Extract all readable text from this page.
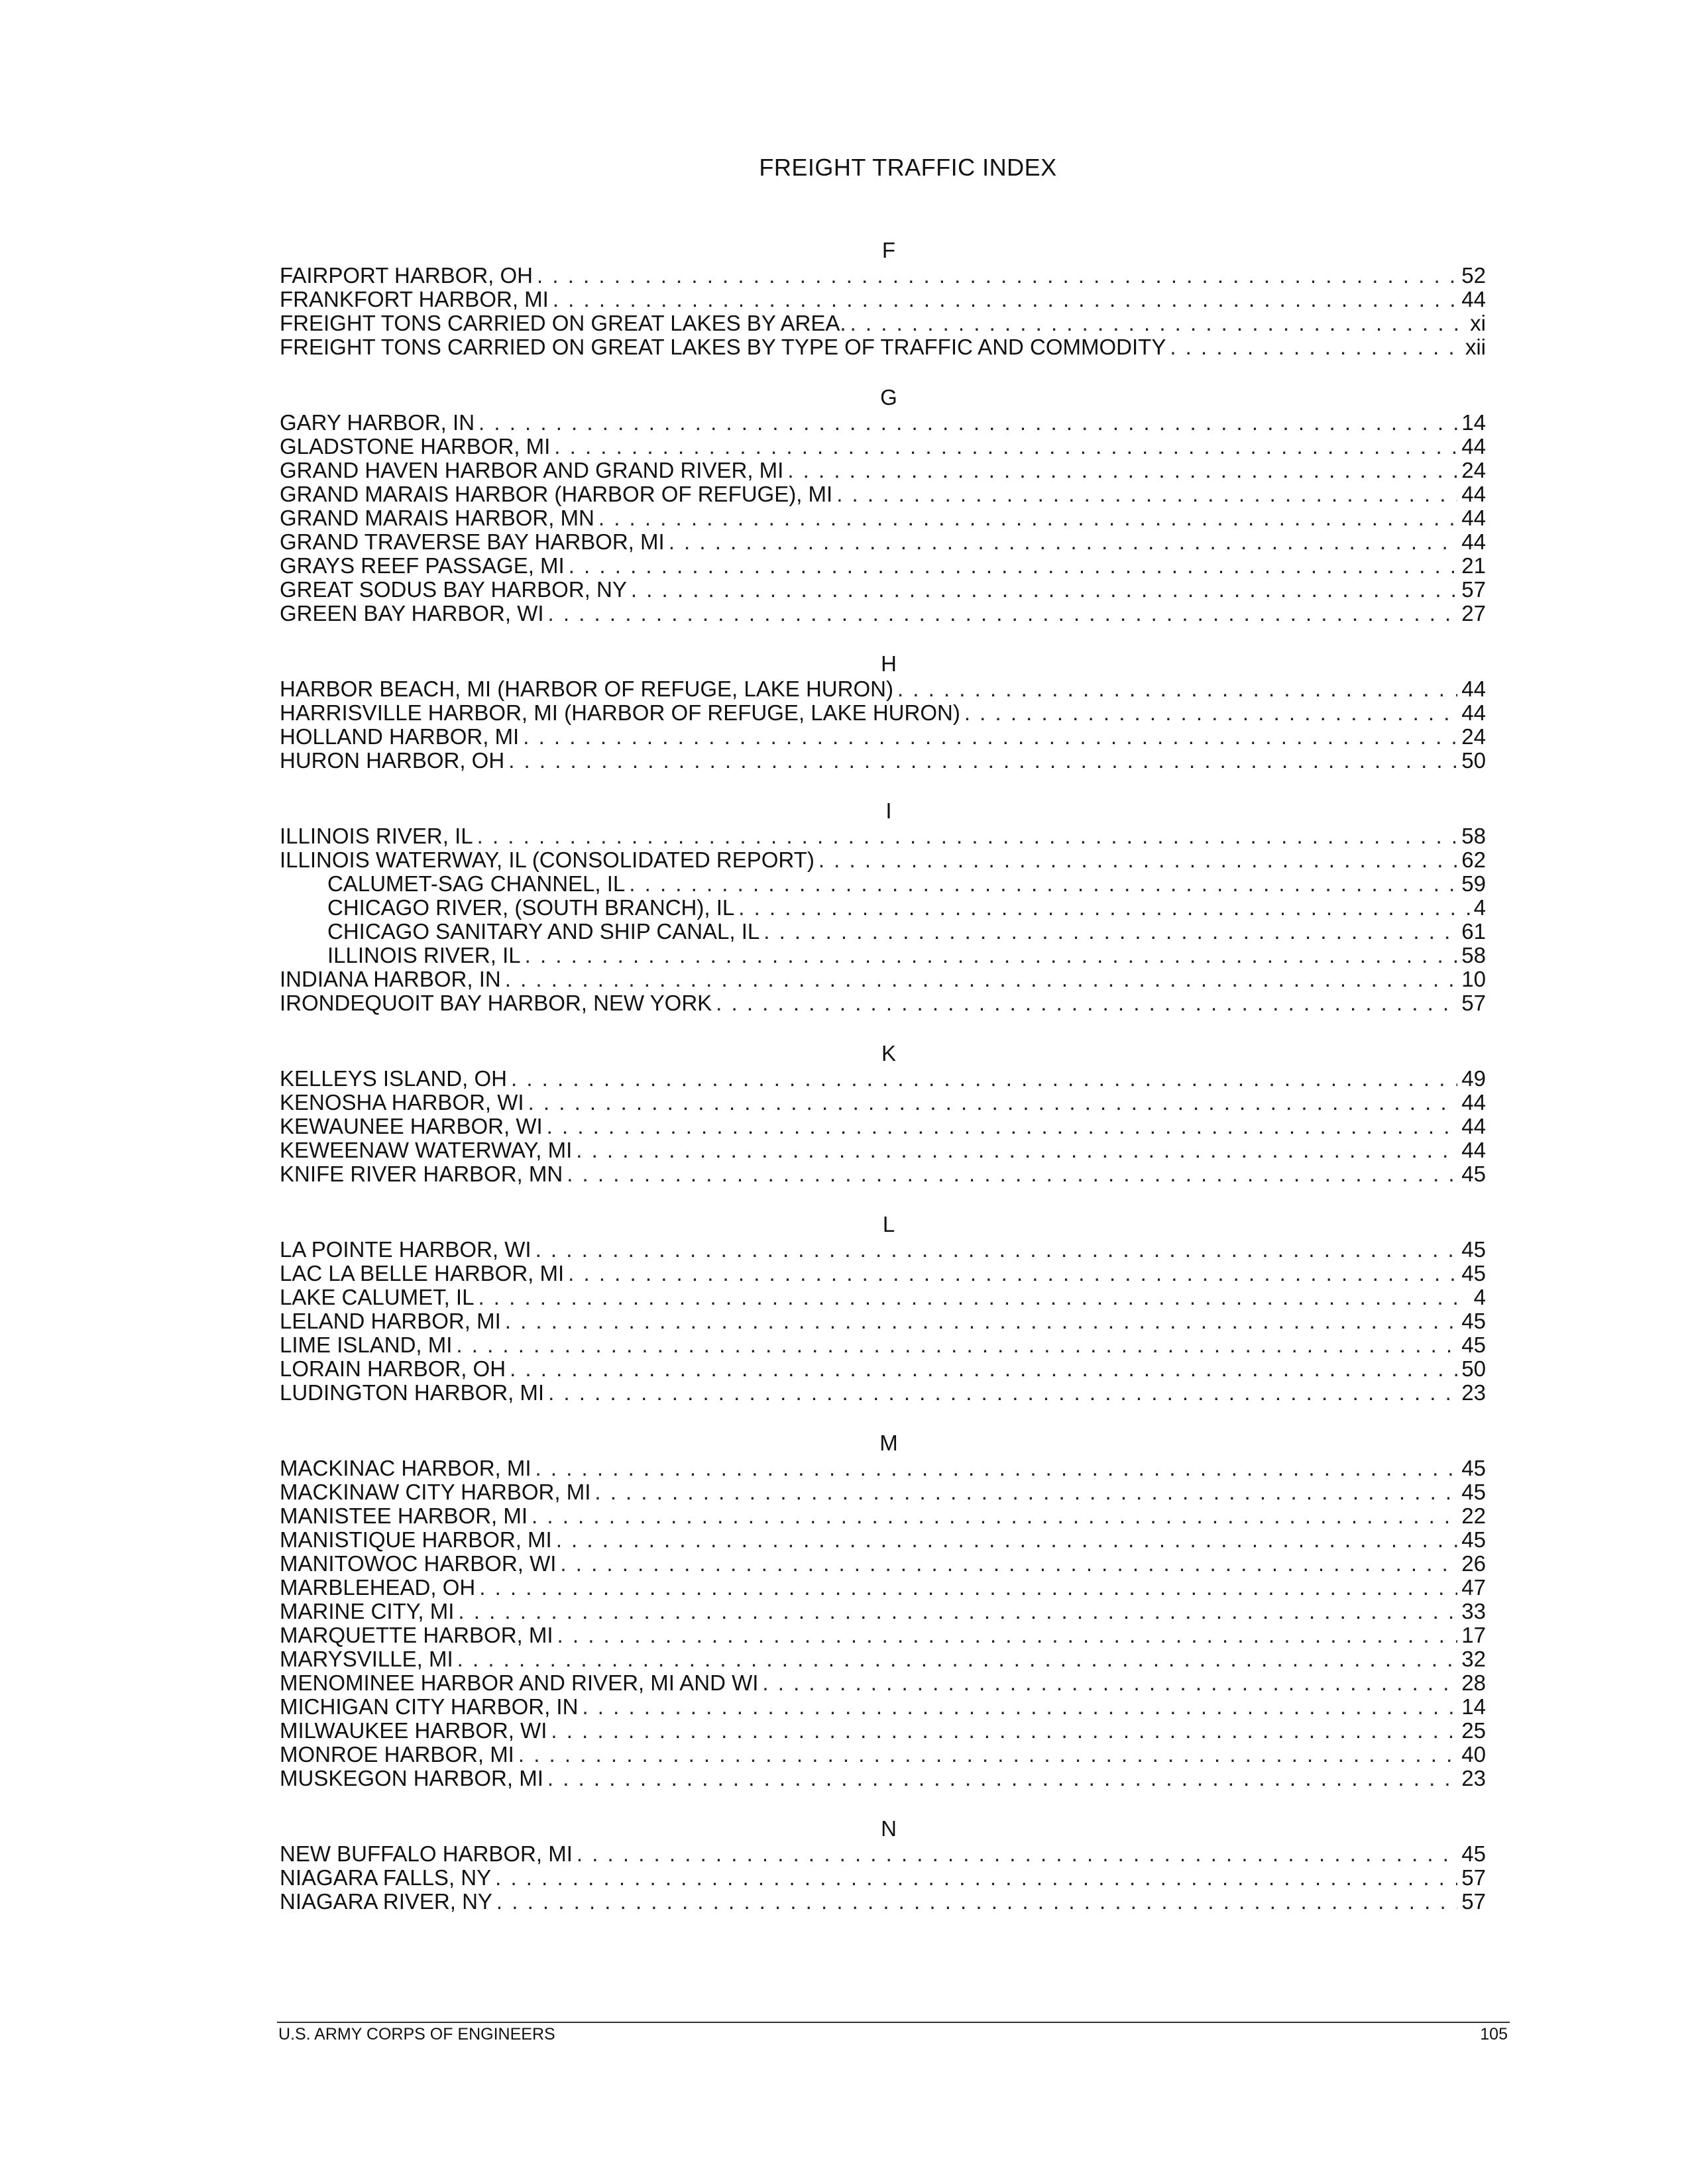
FREIGHT TRAFFIC INDEX
F
FAIRPORT HARBOR, OH . . .	52
FRANKFORT HARBOR, MI . . .	44
FREIGHT TONS CARRIED ON GREAT LAKES BY AREA. . . .	xi
FREIGHT TONS CARRIED ON GREAT LAKES BY TYPE OF TRAFFIC AND COMMODITY . . .	xii
G
GARY HARBOR, IN . . .	14
GLADSTONE HARBOR, MI . . .	44
GRAND HAVEN HARBOR AND GRAND RIVER, MI . . .	24
GRAND MARAIS HARBOR (HARBOR OF REFUGE), MI . . .	44
GRAND MARAIS HARBOR, MN . . .	44
GRAND TRAVERSE BAY HARBOR, MI . . .	44
GRAYS REEF PASSAGE, MI . . .	21
GREAT SODUS BAY HARBOR, NY . . .	57
GREEN BAY HARBOR, WI . . .	27
H
HARBOR BEACH, MI (HARBOR OF REFUGE, LAKE HURON) . . .	44
HARRISVILLE HARBOR, MI (HARBOR OF REFUGE, LAKE HURON) . . .	44
HOLLAND HARBOR, MI . . .	24
HURON HARBOR, OH . . .	50
I
ILLINOIS RIVER, IL . . .	58
ILLINOIS WATERWAY, IL (CONSOLIDATED REPORT) . . .	62
CALUMET-SAG CHANNEL, IL . . .	59
CHICAGO RIVER, (SOUTH BRANCH), IL . . .	4
CHICAGO SANITARY AND SHIP CANAL, IL . . .	61
ILLINOIS RIVER, IL . . .	58
INDIANA HARBOR, IN . . .	10
IRONDEQUOIT BAY HARBOR, NEW YORK . . .	57
K
KELLEYS ISLAND, OH . . .	49
KENOSHA HARBOR, WI . . .	44
KEWAUNEE HARBOR, WI . . .	44
KEWEENAW WATERWAY, MI . . .	44
KNIFE RIVER HARBOR, MN . . .	45
L
LA POINTE HARBOR, WI . . .	45
LAC LA BELLE HARBOR, MI . . .	45
LAKE CALUMET, IL . . .	4
LELAND HARBOR, MI . . .	45
LIME ISLAND, MI . . .	45
LORAIN HARBOR, OH . . .	50
LUDINGTON HARBOR, MI . . .	23
M
MACKINAC HARBOR, MI . . .	45
MACKINAW CITY HARBOR, MI . . .	45
MANISTEE HARBOR, MI . . .	22
MANISTIQUE HARBOR, MI . . .	45
MANITOWOC HARBOR, WI . . .	26
MARBLEHEAD, OH . . .	47
MARINE CITY, MI . . .	33
MARQUETTE HARBOR, MI . . .	17
MARYSVILLE, MI . . .	32
MENOMINEE HARBOR AND RIVER, MI AND WI . . .	28
MICHIGAN CITY HARBOR, IN . . .	14
MILWAUKEE HARBOR, WI . . .	25
MONROE HARBOR, MI . . .	40
MUSKEGON HARBOR, MI . . .	23
N
NEW BUFFALO HARBOR, MI . . .	45
NIAGARA FALLS, NY . . .	57
NIAGARA RIVER, NY . . .	57
U.S. ARMY CORPS OF ENGINEERS	105
